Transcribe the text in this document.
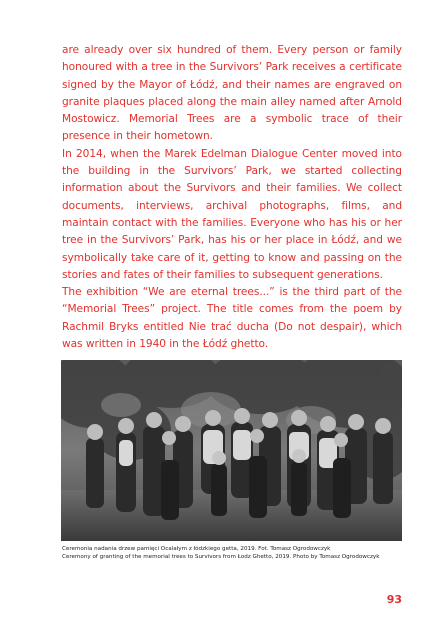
are already over six hundred of them. Every person or family honoured with a tree in the Survivors’ Park receives a certificate signed by the Mayor of Łódź, and their names are engraved on granite plaques placed along the main alley named after Arnold Mostowicz. Memorial Trees are a symbolic trace of their presence in their hometown.

In 2014, when the Marek Edelman Dialogue Center moved into the building in the Survivors’ Park, we started collecting information about the Survivors and their families. We collect documents, interviews, archival photographs, films, and maintain contact with the families. Everyone who has his or her tree in the Survivors’ Park, has his or her place in Łódź, and we symbolically take care of it, getting to know and passing on the stories and fates of their families to subsequent generations.

The exhibition “We are eternal trees...” is the third part of the “Memorial Trees” project. The title comes from the poem by Rachmil Bryks entitled Nie trać ducha (Do not despair), which was written in 1940 in the Łódź ghetto.

Ceremonia nadania drzew pamięci Ocalałym z łódzkiego getta, 2019. Fot. Tomasz Ogrodowczyk
Ceremony of granting of the memorial trees to Survivors from Łodz Ghetto, 2019. Photo by Tomasz Ogrodowczyk
93
